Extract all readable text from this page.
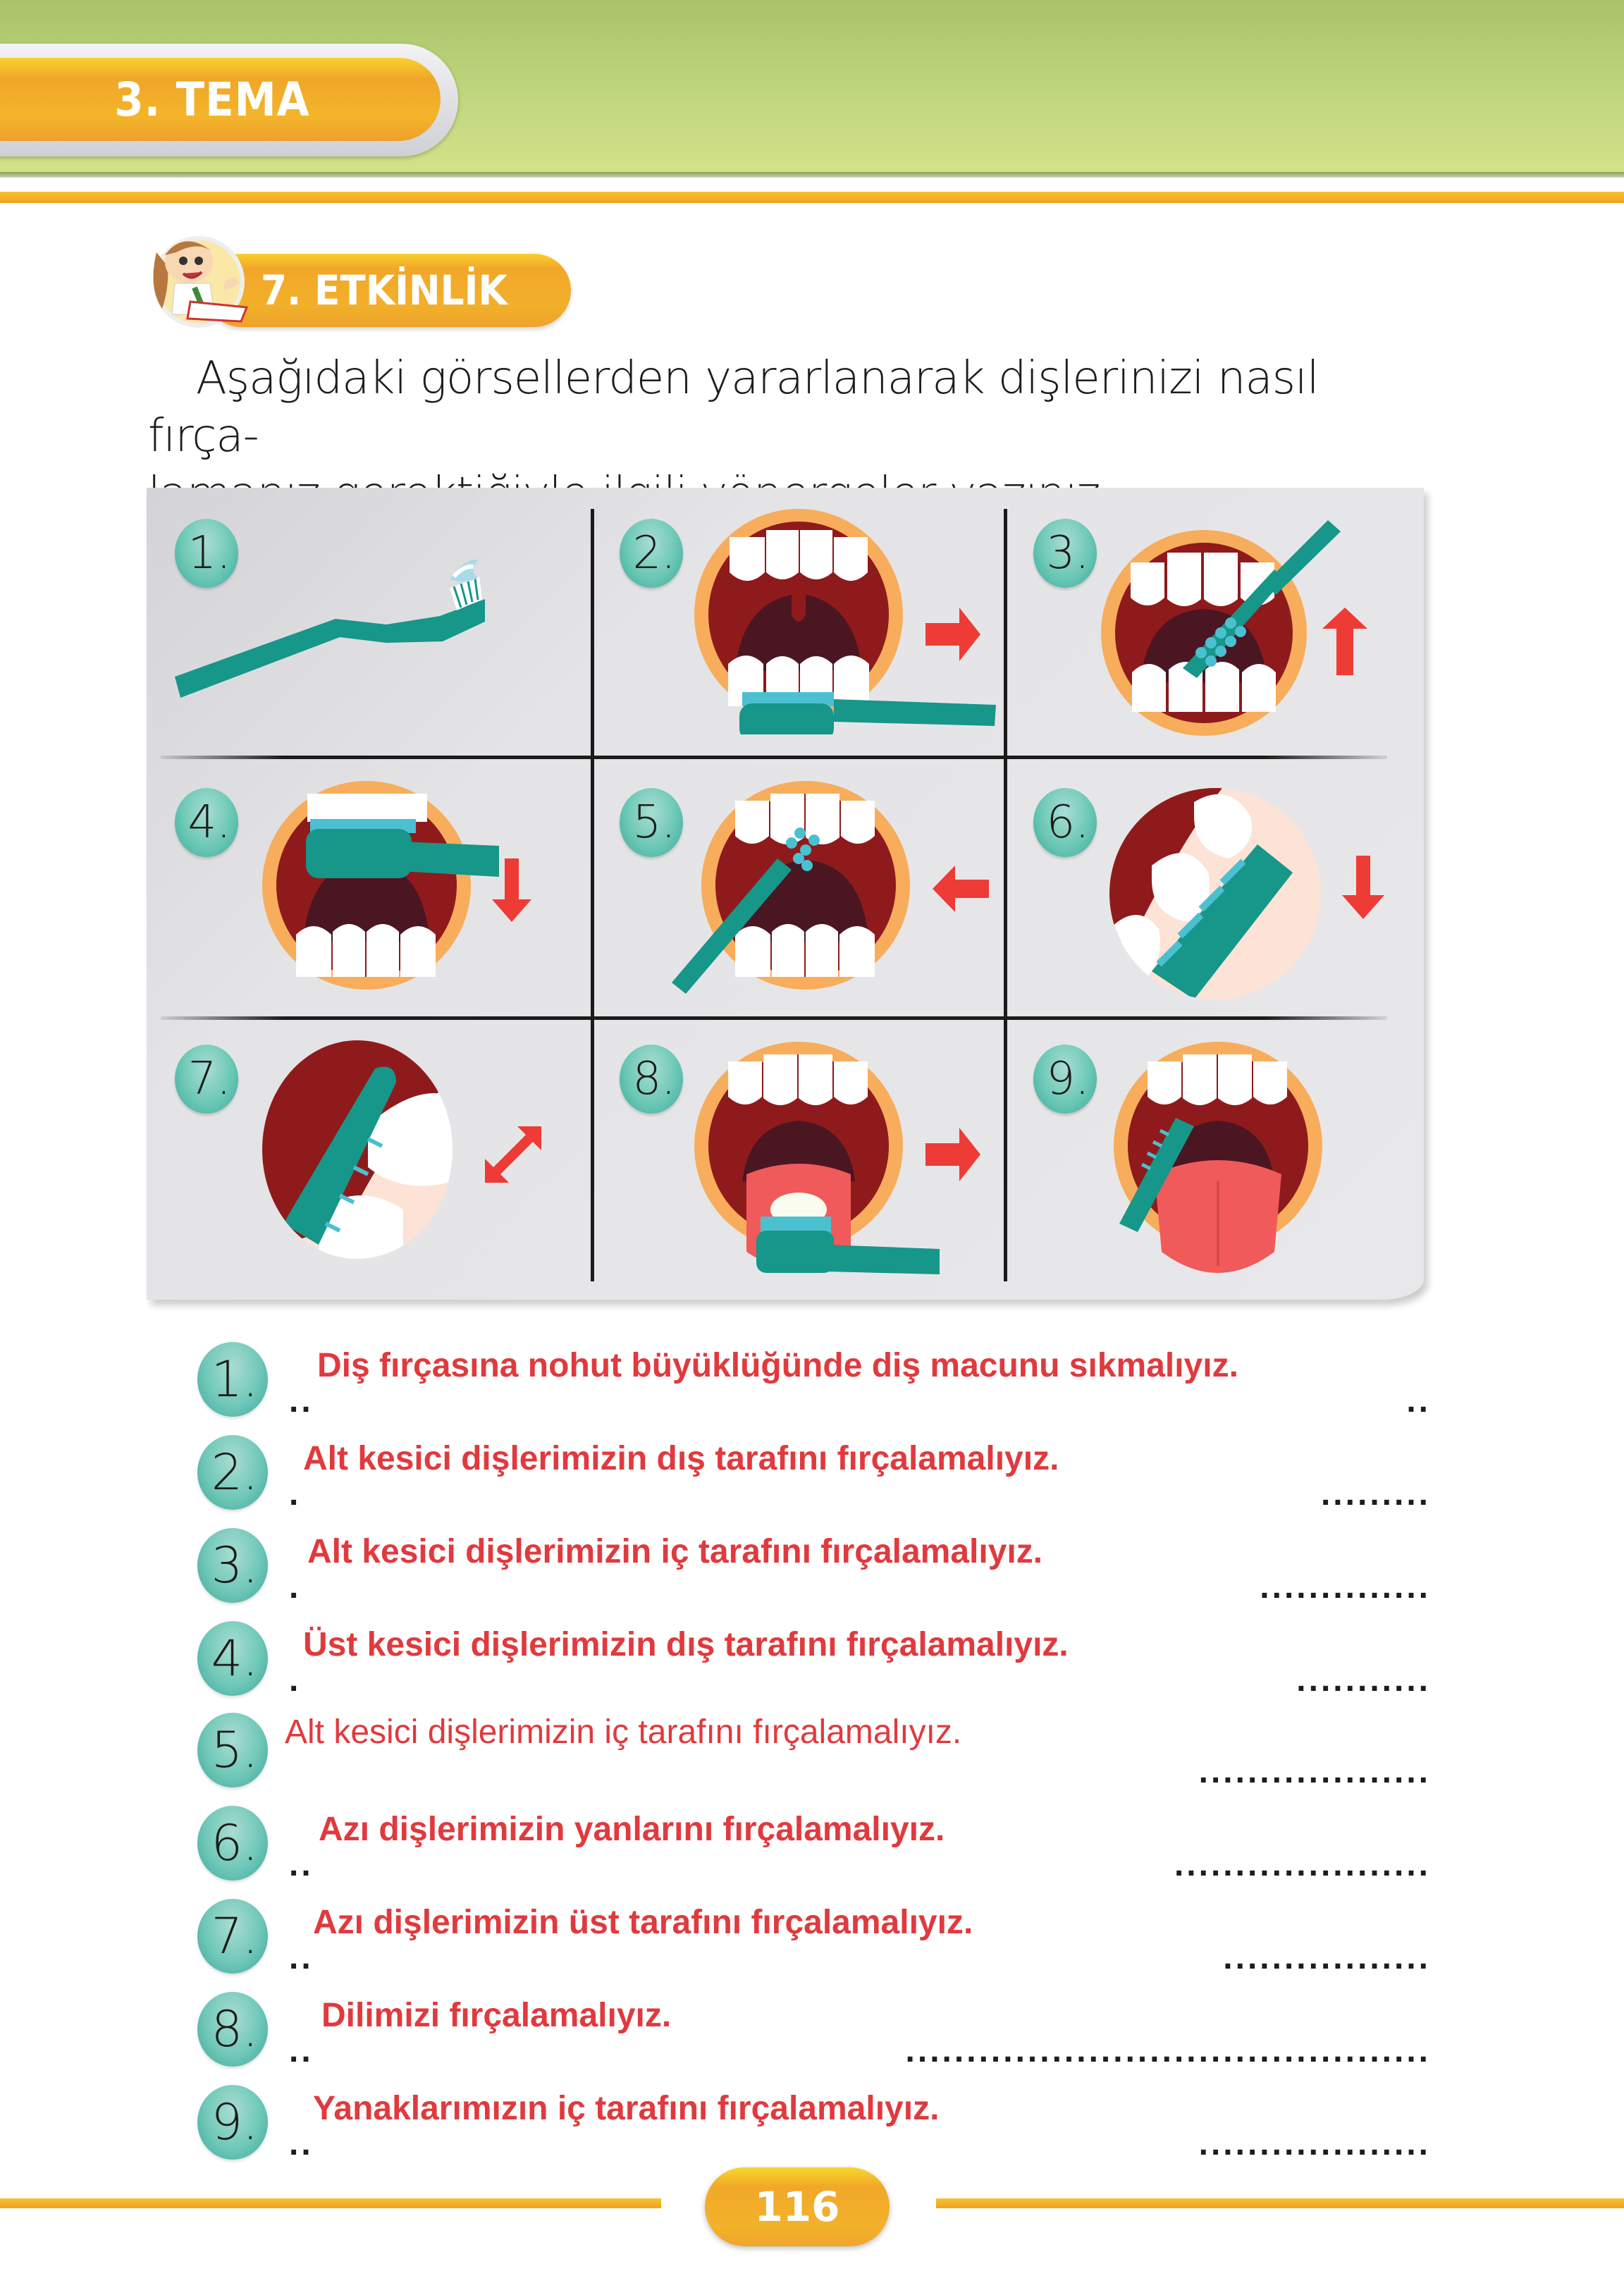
3. TEMA
7. ETKİNLİK
Aşağıdaki görsellerden yararlanarak dişlerinizi nasıl fırça-
1.	2.	3.
4.	5.	6.
7.	8.	9.
1. ..
Diş fırçasına nohut büyüklüğünde diş macunu sıkmalıyız.
..
2. .
Alt kesici dişlerimizin dış tarafını fırçalamalıyız.
.........
3. .
Alt kesici dişlerimizin iç tarafını fırçalamalıyız.
..............
4. .
Üst kesici dişlerimizin dış tarafını fırçalamalıyız.
...........
5. Alt kesici dişlerimizin iç tarafını fırçalamalıyız.
...................
6. ..
Azı dişlerimizin yanlarını fırçalamalıyız.
.....................
7. ..
Azı dişlerimizin üst tarafını fırçalamalıyız.
.................
8. ..
Dilimizi fırçalamalıyız.
...........................................
9. ..
Yanaklarımızın iç tarafını fırçalamalıyız.
...................
116
